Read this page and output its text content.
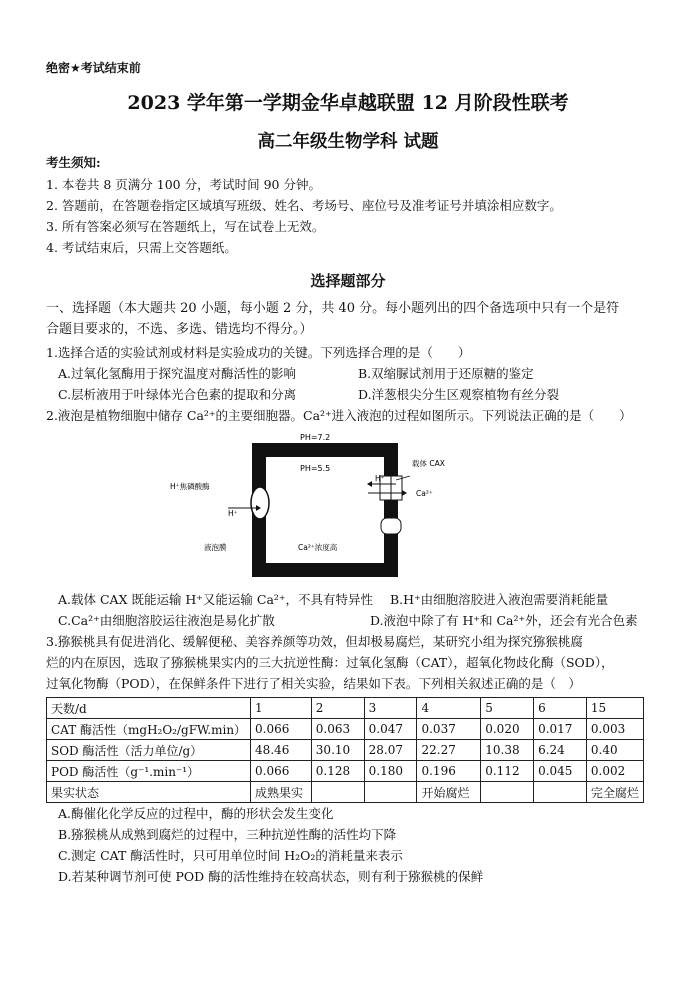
绝密★考试结束前
2023 学年第一学期金华卓越联盟 12 月阶段性联考
高二年级生物学科 试题
考生须知:
1. 本卷共 8 页满分 100 分，考试时间 90 分钟。
2. 答题前，在答题卷指定区域填写班级、姓名、考场号、座位号及准考证号并填涂相应数字。
3. 所有答案必须写在答题纸上，写在试卷上无效。
4. 考试结束后，只需上交答题纸。
选择题部分
一、选择题（本大题共 20 小题，每小题 2 分，共 40 分。每小题列出的四个备选项中只有一个是符
合题目要求的，不选、多选、错选均不得分。）
1.选择合适的实验试剂或材料是实验成功的关键。下列选择合理的是（　　）
A.过氧化氢酶用于探究温度对酶活性的影响	B.双缩脲试剂用于还原糖的鉴定
C.层析液用于叶绿体光合色素的提取和分离	D.洋葱根尖分生区观察植物有丝分裂
2.液泡是植物细胞中储存 Ca²⁺的主要细胞器。Ca²⁺进入液泡的过程如图所示。下列说法正确的是（　　）
PH=7.2
PH=5.5
H⁺焦磷酸酶
H⁺
H⁺
载体 CAX
Ca²⁺
液泡膜	Ca²⁺浓度高
A.载体 CAX 既能运输 H⁺又能运输 Ca²⁺，不具有特异性 B.H⁺由细胞溶胶进入液泡需要消耗能量
C.Ca²⁺由细胞溶胶运往液泡是易化扩散	D.液泡中除了有 H⁺和 Ca²⁺外，还会有光合色素
3.猕猴桃具有促进消化、缓解便秘、美容养颜等功效，但却极易腐烂，某研究小组为探究猕猴桃腐
烂的内在原因，选取了猕猴桃果实内的三大抗逆性酶：过氧化氢酶（CAT），超氧化物歧化酶（SOD），
过氧化物酶（POD），在保鲜条件下进行了相关实验，结果如下表。下列相关叙述正确的是（　）
天数/d	1	2	3	4	5	6	15
CAT 酶活性（mgH₂O₂/gFW.min）	0.066	0.063	0.047	0.037	0.020	0.017	0.003
SOD 酶活性（活力单位/g）	48.46	30.10	28.07	22.27	10.38	6.24	0.40
POD 酶活性（g⁻¹.min⁻¹）	0.066	0.128	0.180	0.196	0.112	0.045	0.002
果实状态	成熟果实			开始腐烂			完全腐烂
A.酶催化化学反应的过程中，酶的形状会发生变化
B.猕猴桃从成熟到腐烂的过程中，三种抗逆性酶的活性均下降
C.测定 CAT 酶活性时，只可用单位时间 H₂O₂的消耗量来表示
D.若某种调节剂可使 POD 酶的活性维持在较高状态，则有利于猕猴桃的保鲜
